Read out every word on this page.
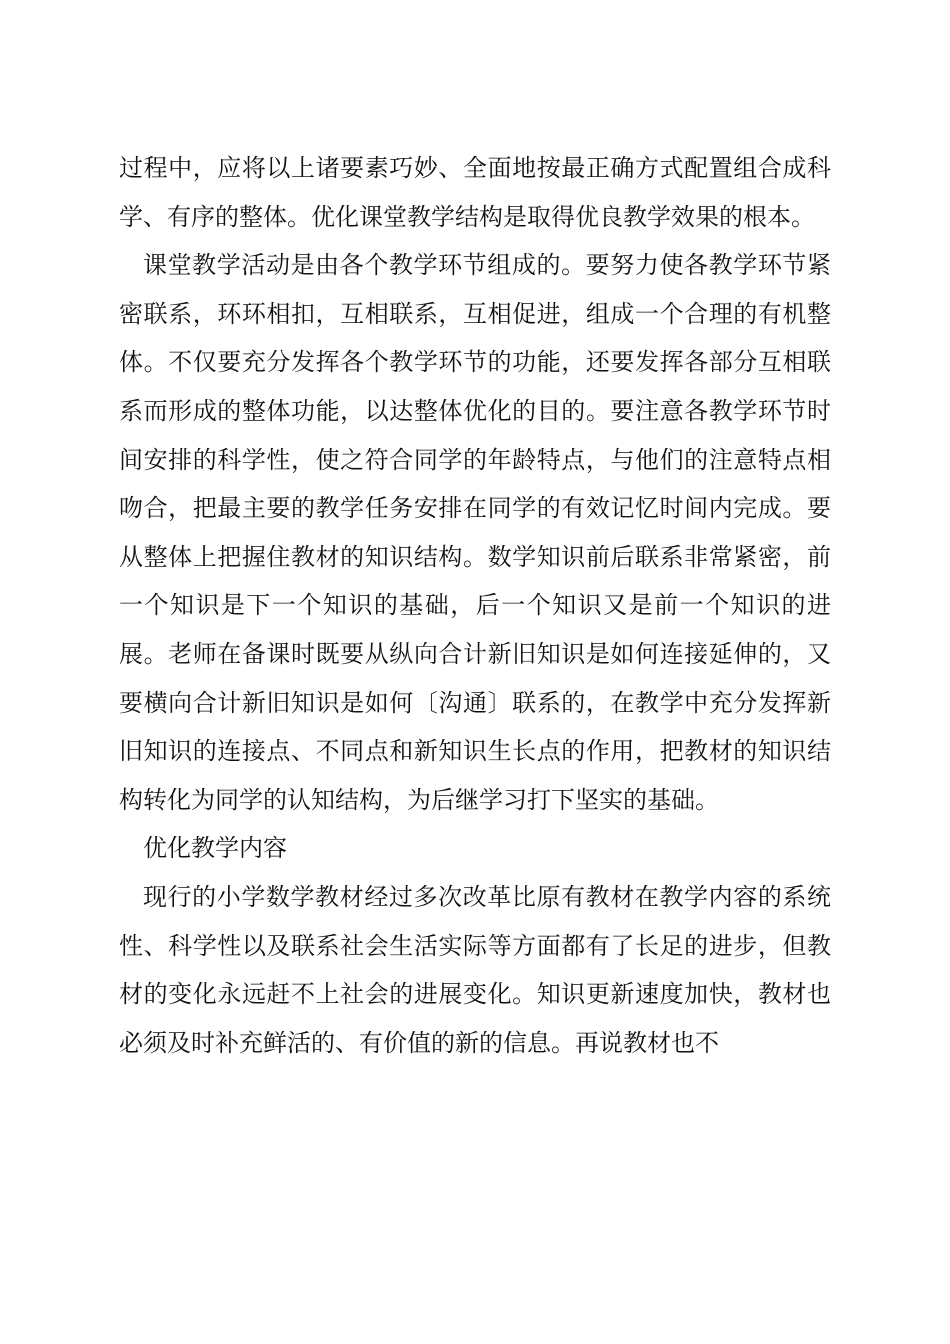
过程中，应将以上诸要素巧妙、全面地按最正确方式配置组合成科学、有序的整体。优化课堂教学结构是取得优良教学效果的根本。

课堂教学活动是由各个教学环节组成的。要努力使各教学环节紧密联系，环环相扣，互相联系，互相促进，组成一个合理的有机整体。不仅要充分发挥各个教学环节的功能，还要发挥各部分互相联系而形成的整体功能，以达整体优化的目的。要注意各教学环节时间安排的科学性，使之符合同学的年龄特点，与他们的注意特点相吻合，把最主要的教学任务安排在同学的有效记忆时间内完成。要从整体上把握住教材的知识结构。数学知识前后联系非常紧密，前一个知识是下一个知识的基础，后一个知识又是前一个知识的进展。老师在备课时既要从纵向合计新旧知识是如何连接延伸的，又要横向合计新旧知识是如何〔沟通〕联系的，在教学中充分发挥新旧知识的连接点、不同点和新知识生长点的作用，把教材的知识结构转化为同学的认知结构，为后继学习打下坚实的基础。

优化教学内容

现行的小学数学教材经过多次改革比原有教材在教学内容的系统性、科学性以及联系社会生活实际等方面都有了长足的进步，但教材的变化永远赶不上社会的进展变化。知识更新速度加快，教材也必须及时补充鲜活的、有价值的新的信息。再说教材也不
